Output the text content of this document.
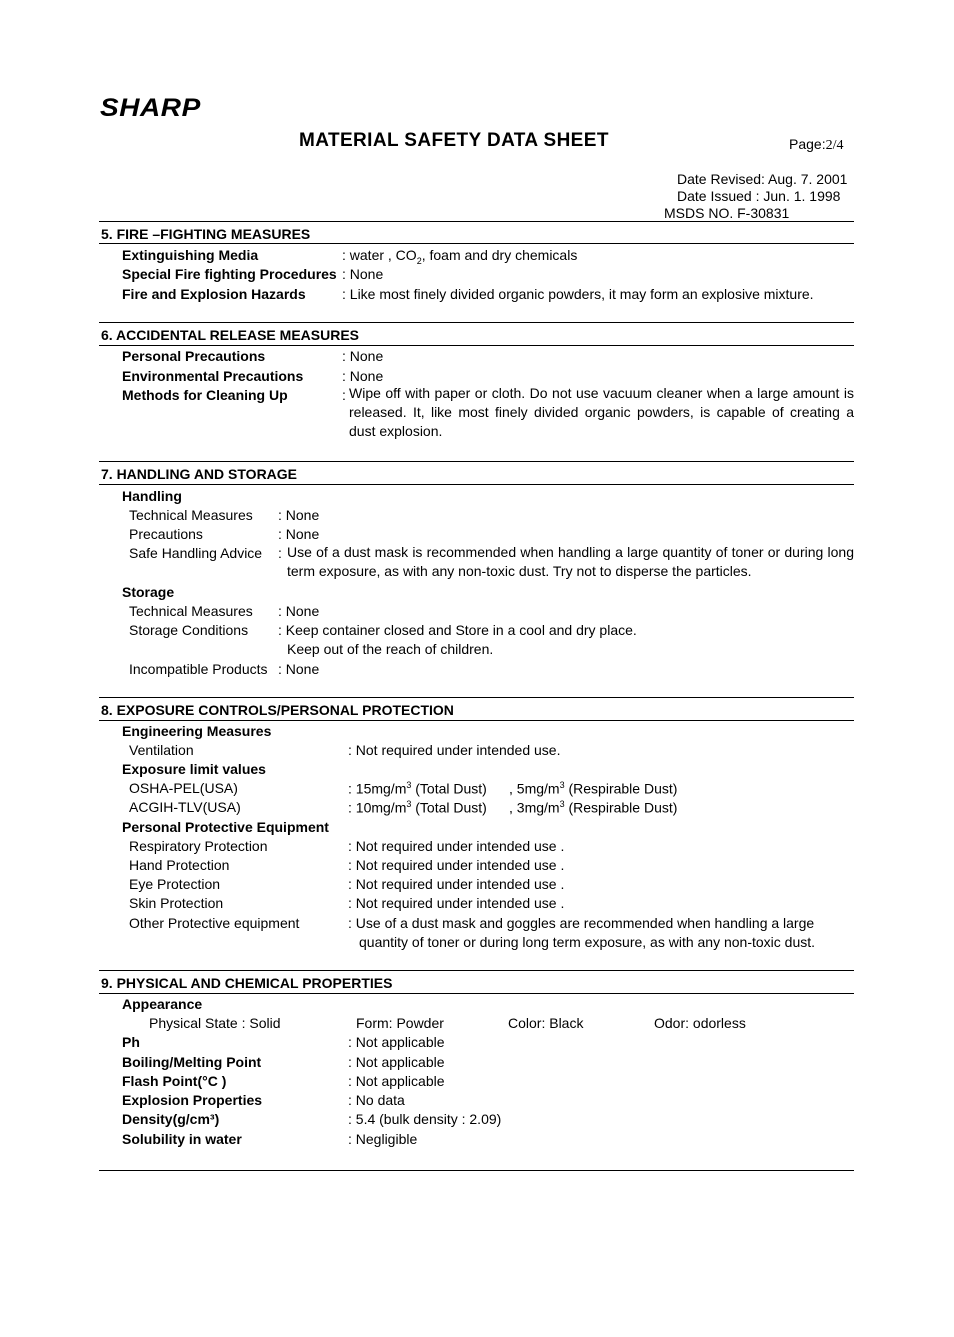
SHARP
MATERIAL SAFETY DATA SHEET	Page:2/4
Date Revised: Aug. 7. 2001
Date Issued : Jun. 1. 1998
MSDS NO. F-30831
5. FIRE –FIGHTING MEASURES
Extinguishing Media	: water , $CO_2$, foam and dry chemicals
Special Fire fighting Procedures : None
Fire and Explosion Hazards	: Like most finely divided organic powders, it may form an explosive mixture.
6. ACCIDENTAL RELEASE MEASURES
Personal Precautions	: None
Environmental Precautions	: None
Methods for Cleaning Up	: Wipe off with paper or cloth. Do not use vacuum cleaner when a large amount is released. It, like most finely divided organic powders, is capable of creating a dust explosion.
7. HANDLING AND STORAGE
Handling
Technical Measures : None
Precautions	: None
Safe Handling Advice : Use of a dust mask is recommended when handling a large quantity of toner or during long term exposure, as with any non-toxic dust. Try not to disperse the particles.
Storage
Technical Measures : None
Storage Conditions : Keep container closed and Store in a cool and dry place.
Keep out of the reach of children.
Incompatible Products : None
8. EXPOSURE CONTROLS/PERSONAL PROTECTION
Engineering Measures
Ventilation	: Not required under intended use.
Exposure limit values
OSHA-PEL(USA)	: $15mg/m^3$ (Total Dust) , $5mg/m^3$ (Respirable Dust)
ACGIH-TLV(USA)	: $10mg/m^3$ (Total Dust) , $3mg/m^3$ (Respirable Dust)
Personal Protective Equipment
Respiratory Protection	: Not required under intended use .
Hand Protection	: Not required under intended use .
Eye Protection	: Not required under intended use .
Skin Protection	: Not required under intended use .
Other Protective equipment	: Use of a dust mask and goggles are recommended when handling a large
quantity of toner or during long term exposure, as with any non-toxic dust.
9. PHYSICAL AND CHEMICAL PROPERTIES
Appearance
Physical State : Solid	Form: Powder	Color: Black	Odor: odorless
Ph	: Not applicable
Boiling/Melting Point	: Not applicable
Flash Point(°C )	: Not applicable
Explosion Properties	: No data
Density(g/cm³)	: 5.4 (bulk density : 2.09)
Solubility in water	: Negligible
